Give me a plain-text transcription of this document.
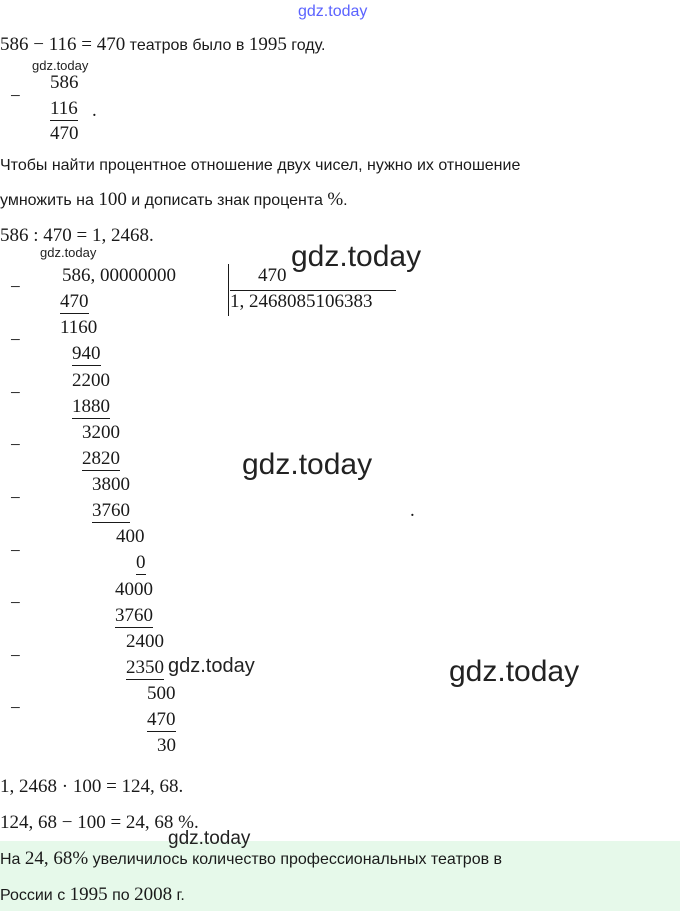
gdz.today
586 − 116 = 470 театров было в 1995 году.
gdz.today
−
586
116
470
.
Чтобы найти процентное отношение двух чисел, нужно их отношение
умножить на 100 и дописать знак процента %.
586 : 470 = 1, 2468.
gdz.today
586, 00000000	470
1, 2468085106383
gdz.today
−
−
−
−
−
−
−
−
−
470
1160
940
2200
1880
3200
2820
3800
3760
400
0
4000
3760
2400
2350
500
470
30
gdz.today
.
gdz.today	gdz.today
1, 2468 · 100 = 124, 68.
124, 68 − 100 = 24, 68 %.
gdz.today
На 24, 68% увеличилось количество профессиональных театров в
России с 1995 по 2008 г.
